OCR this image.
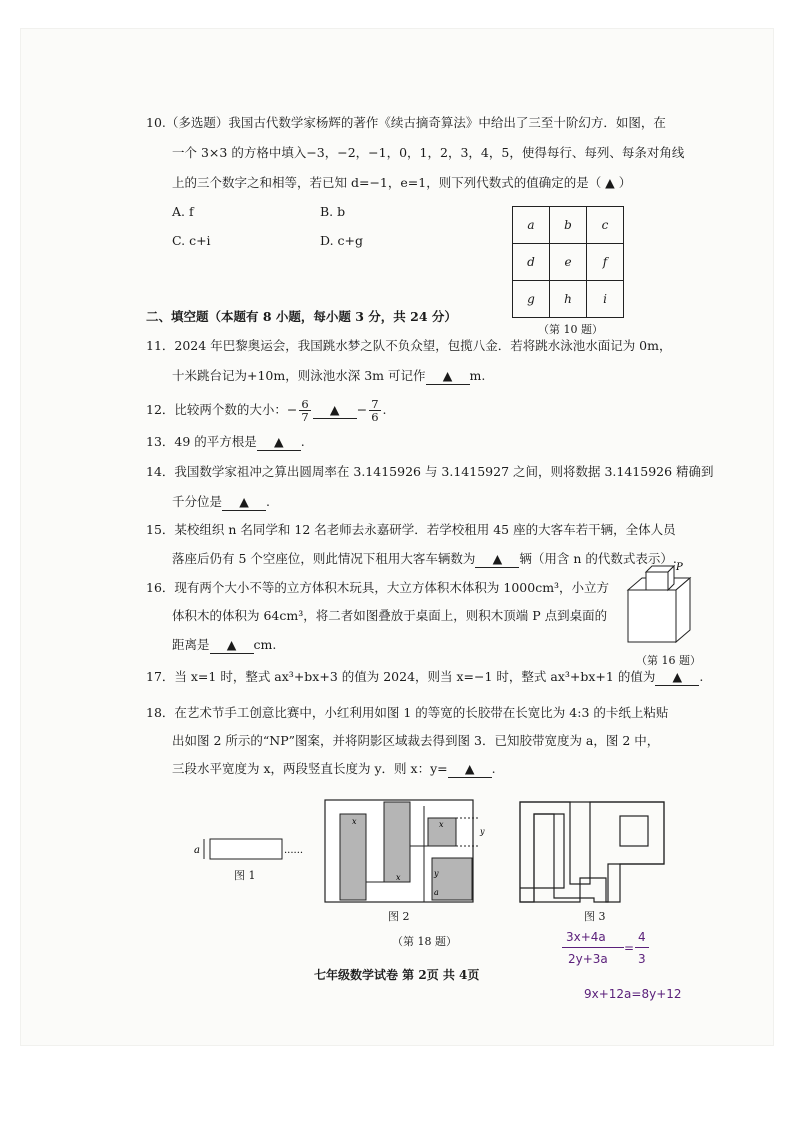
10.（多选题）我国古代数学家杨辉的著作《续古摘奇算法》中给出了三至十阶幻方．如图，在
一个 3×3 的方格中填入−3，−2，−1，0，1，2，3，4，5，使得每行、每列、每条对角线
上的三个数字之和相等，若已知 d=−1，e=1，则下列代数式的值确定的是（ ▲ ）
A. f	B. b
C. c+i	D. c+g
a	b	c
d	e	f
g	h	i
（第 10 题）
二、填空题（本题有 8 小题，每小题 3 分，共 24 分）
11．2024 年巴黎奥运会，我国跳水梦之队不负众望，包揽八金．若将跳水泳池水面记为 0m，
十米跳台记为+10m，则泳池水深 3m 可记作 ▲ m.
12．比较两个数的大小：− $\frac{6}{7}$ ▲ − $\frac{7}{6}$ .
13．49 的平方根是 ▲ .
14．我国数学家祖冲之算出圆周率在 3.1415926 与 3.1415927 之间，则将数据 3.1415926 精确到
千分位是 ▲ .
15．某校组织 n 名同学和 12 名老师去永嘉研学．若学校租用 45 座的大客车若干辆，全体人员
落座后仍有 5 个空座位，则此情况下租用大客车辆数为 ▲ 辆（用含 n 的代数式表示）.
16．现有两个大小不等的立方体积木玩具，大立方体积木体积为 1000cm³，小立方
体积木的体积为 64cm³，将二者如图叠放于桌面上，则积木顶端 P 点到桌面的
距离是 ▲ cm.
P
（第 16 题）
17．当 x=1 时，整式 ax³+bx+3 的值为 2024，则当 x=−1 时，整式 ax³+bx+1 的值为 ▲ .
18．在艺术节手工创意比赛中，小红利用如图 1 的等宽的长胶带在长宽比为 4:3 的卡纸上粘贴
出如图 2 所示的“NP”图案，并将阴影区域裁去得到图 3．已知胶带宽度为 a，图 2 中，
三段水平宽度为 x，两段竖直长度为 y．则 x：y= ▲ .
a	......
图 1
x
x
x
y
y
a
图 2	图 3
（第 18 题）
七年级数学试卷 第 2页 共 4页
3x+4a
2y+3a
=
4
3
9x+12a=8y+12
